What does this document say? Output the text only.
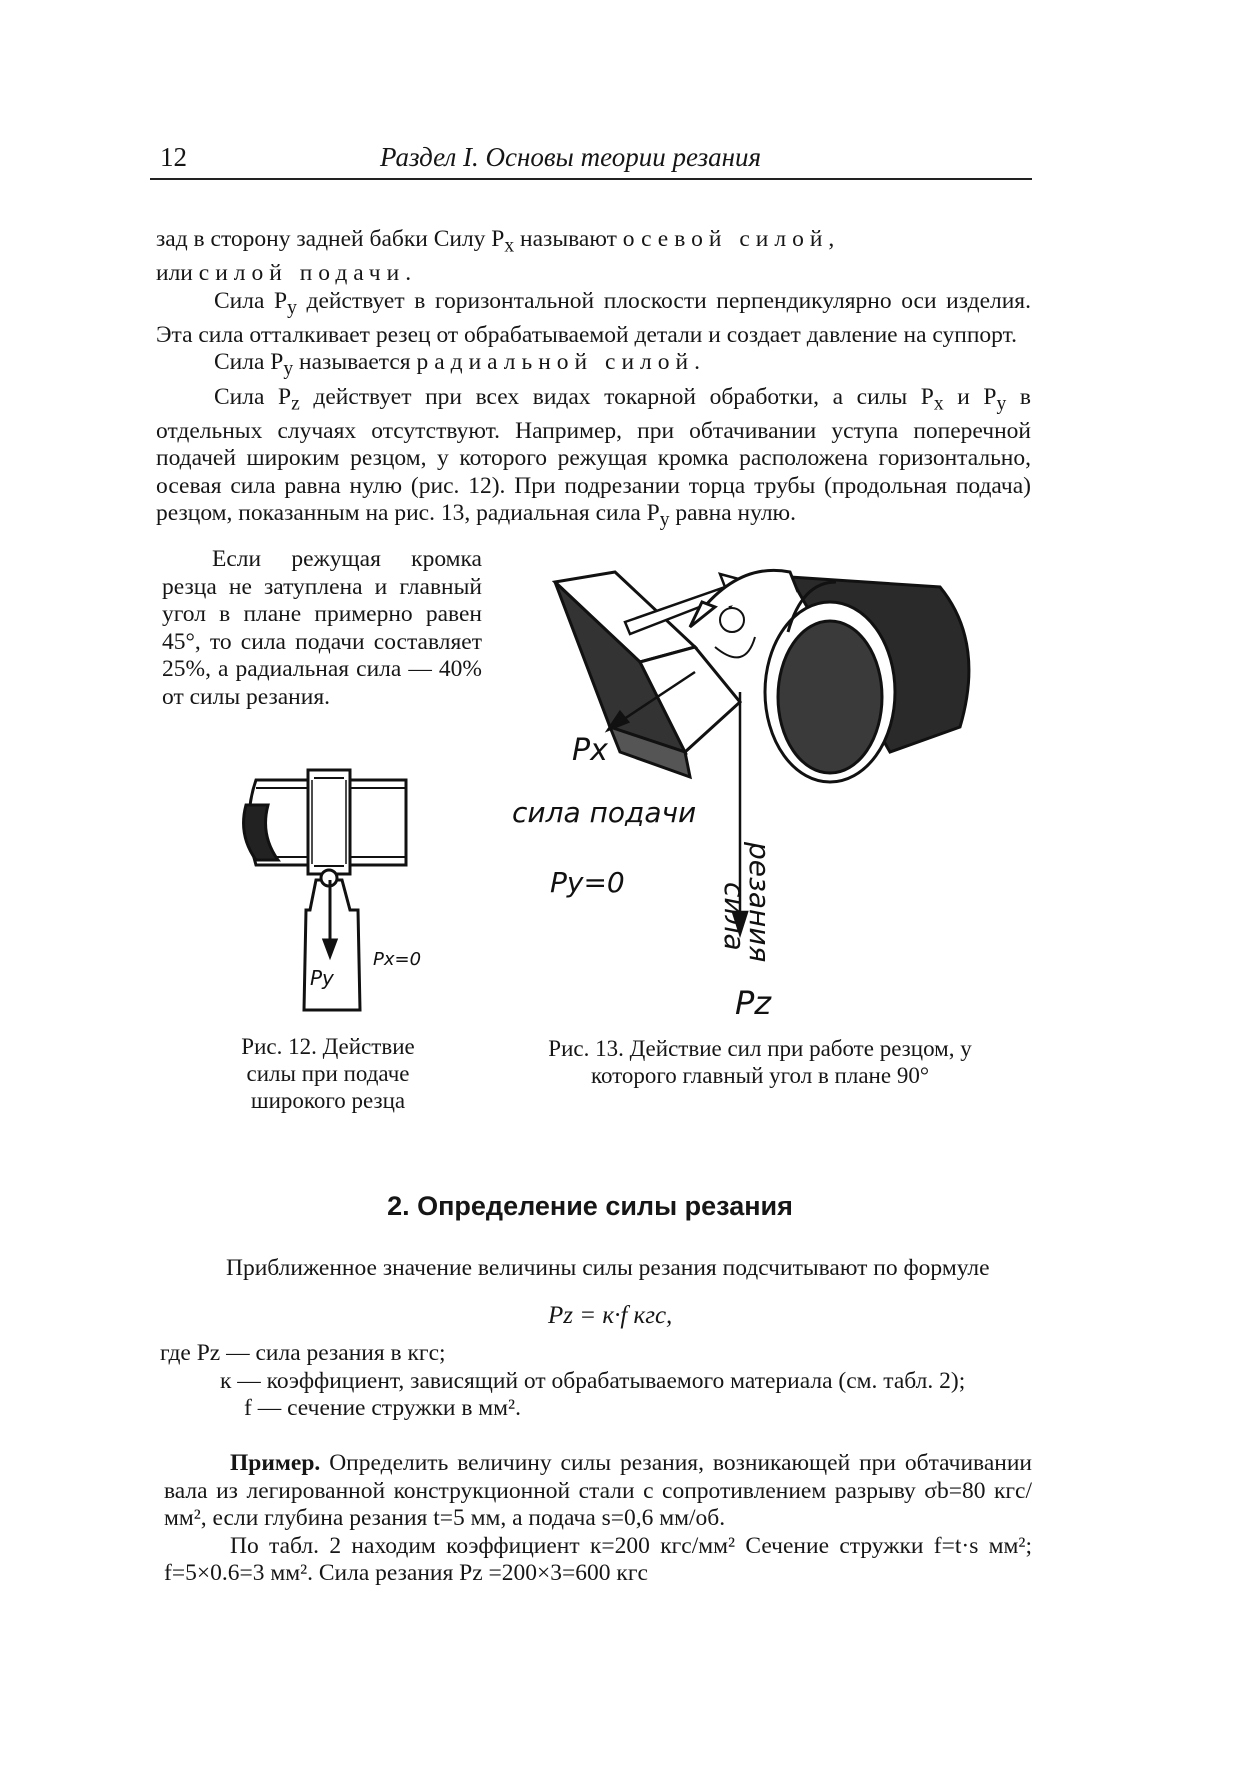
12	Раздел I. Основы теории резания

зад в сторону задней бабки Силу $P_x$ называют осевой силой,

или силой подачи.

Сила $P_y$ действует в горизонтальной плоскости перпендикулярно оси изделия. Эта сила отталкивает резец от обрабатываемой детали и создает давление на суппорт.

Сила $P_y$ называется радиальной силой.

Сила $P_z$ действует при всех видах токарной обработки, а силы $P_x$ и $P_y$ в отдельных случаях отсутствуют. Например, при обтачивании уступа поперечной подачей широким резцом, у которого режущая кромка расположена горизонтально, осевая сила равна нулю (рис. 12). При подрезании торца трубы (продольная подача) резцом, показанным на рис. 13, радиальная сила $P_y$ равна нулю.

Если режущая кромка резца не затуплена и главный угол в плане примерно равен 45°, то сила подачи составляет 25%, а радиальная сила — 40% от силы резания.

Py
Pх=0
Рис. 12. Действие силы при подаче широкого резца
Px
сила подачи
Py=0	сила
резания
Pz
Рис. 13. Действие сил при работе резцом, у которого главный угол в плане 90°
2. Определение силы резания

Приближенное значение величины силы резания подсчитывают по формуле

Pz = к·f кгс,

где Pz — сила резания в кгс;

к — коэффициент, зависящий от обрабатываемого материала (см. табл. 2);

f — сечение стружки в мм².

Пример. Определить величину силы резания, возникающей при обтачивании вала из легированной конструкционной стали с сопротивлением разрыву σb=80 кгс/мм², если глубина резания t=5 мм, а подача s=0,6 мм/об.

По табл. 2 находим коэффициент к=200 кгс/мм² Сечение стружки f=t·s мм²; f=5×0.6=3 мм². Сила резания Pz =200×3=600 кгс
